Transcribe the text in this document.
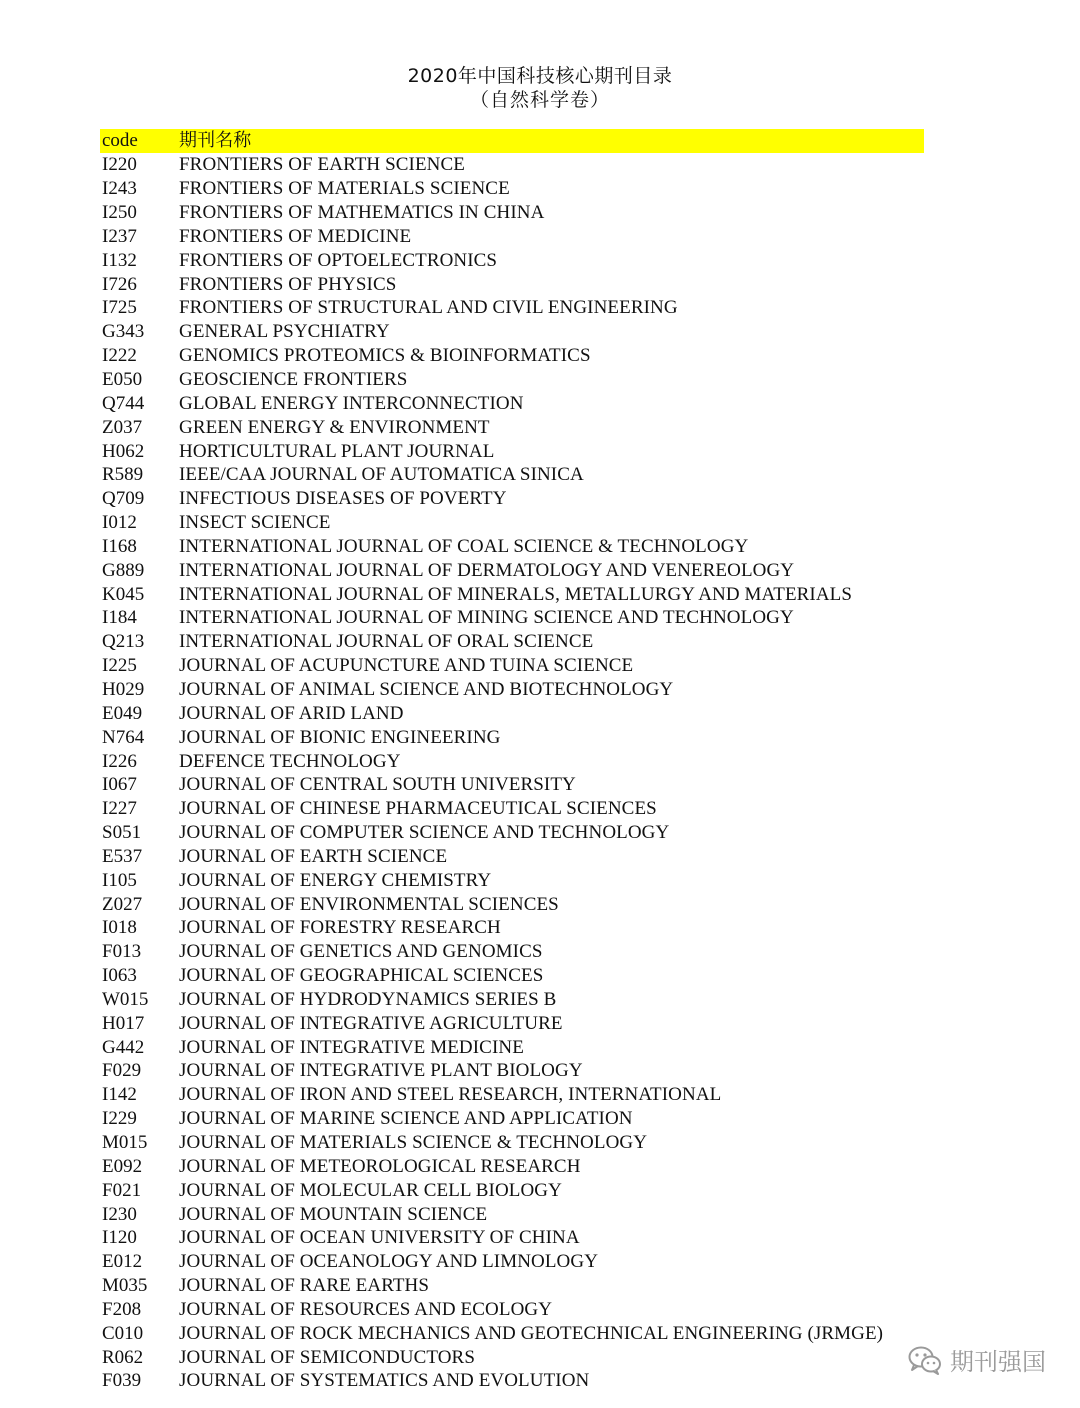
2020年中国科技核心期刊目录
（自然科学卷）
code	期刊名称
I220	FRONTIERS OF EARTH SCIENCE
I243	FRONTIERS OF MATERIALS SCIENCE
I250	FRONTIERS OF MATHEMATICS IN CHINA
I237	FRONTIERS OF MEDICINE
I132	FRONTIERS OF OPTOELECTRONICS
I726	FRONTIERS OF PHYSICS
I725	FRONTIERS OF STRUCTURAL AND CIVIL ENGINEERING
G343	GENERAL PSYCHIATRY
I222	GENOMICS PROTEOMICS & BIOINFORMATICS
E050	GEOSCIENCE FRONTIERS
Q744	GLOBAL ENERGY INTERCONNECTION
Z037	GREEN ENERGY & ENVIRONMENT
H062	HORTICULTURAL PLANT JOURNAL
R589	IEEE/CAA JOURNAL OF AUTOMATICA SINICA
Q709	INFECTIOUS DISEASES OF POVERTY
I012	INSECT SCIENCE
I168	INTERNATIONAL JOURNAL OF COAL SCIENCE & TECHNOLOGY
G889	INTERNATIONAL JOURNAL OF DERMATOLOGY AND VENEREOLOGY
K045	INTERNATIONAL JOURNAL OF MINERALS, METALLURGY AND MATERIALS
I184	INTERNATIONAL JOURNAL OF MINING SCIENCE AND TECHNOLOGY
Q213	INTERNATIONAL JOURNAL OF ORAL SCIENCE
I225	JOURNAL OF ACUPUNCTURE AND TUINA SCIENCE
H029	JOURNAL OF ANIMAL SCIENCE AND BIOTECHNOLOGY
E049	JOURNAL OF ARID LAND
N764	JOURNAL OF BIONIC ENGINEERING
I226	DEFENCE TECHNOLOGY
I067	JOURNAL OF CENTRAL SOUTH UNIVERSITY
I227	JOURNAL OF CHINESE PHARMACEUTICAL SCIENCES
S051	JOURNAL OF COMPUTER SCIENCE AND TECHNOLOGY
E537	JOURNAL OF EARTH SCIENCE
I105	JOURNAL OF ENERGY CHEMISTRY
Z027	JOURNAL OF ENVIRONMENTAL SCIENCES
I018	JOURNAL OF FORESTRY RESEARCH
F013	JOURNAL OF GENETICS AND GENOMICS
I063	JOURNAL OF GEOGRAPHICAL SCIENCES
W015	JOURNAL OF HYDRODYNAMICS SERIES B
H017	JOURNAL OF INTEGRATIVE AGRICULTURE
G442	JOURNAL OF INTEGRATIVE MEDICINE
F029	JOURNAL OF INTEGRATIVE PLANT BIOLOGY
I142	JOURNAL OF IRON AND STEEL RESEARCH, INTERNATIONAL
I229	JOURNAL OF MARINE SCIENCE AND APPLICATION
M015	JOURNAL OF MATERIALS SCIENCE & TECHNOLOGY
E092	JOURNAL OF METEOROLOGICAL RESEARCH
F021	JOURNAL OF MOLECULAR CELL BIOLOGY
I230	JOURNAL OF MOUNTAIN SCIENCE
I120	JOURNAL OF OCEAN UNIVERSITY OF CHINA
E012	JOURNAL OF OCEANOLOGY AND LIMNOLOGY
M035	JOURNAL OF RARE EARTHS
F208	JOURNAL OF RESOURCES AND ECOLOGY
C010	JOURNAL OF ROCK MECHANICS AND GEOTECHNICAL ENGINEERING (JRMGE)
R062	JOURNAL OF SEMICONDUCTORS
F039	JOURNAL OF SYSTEMATICS AND EVOLUTION
期刊强国
